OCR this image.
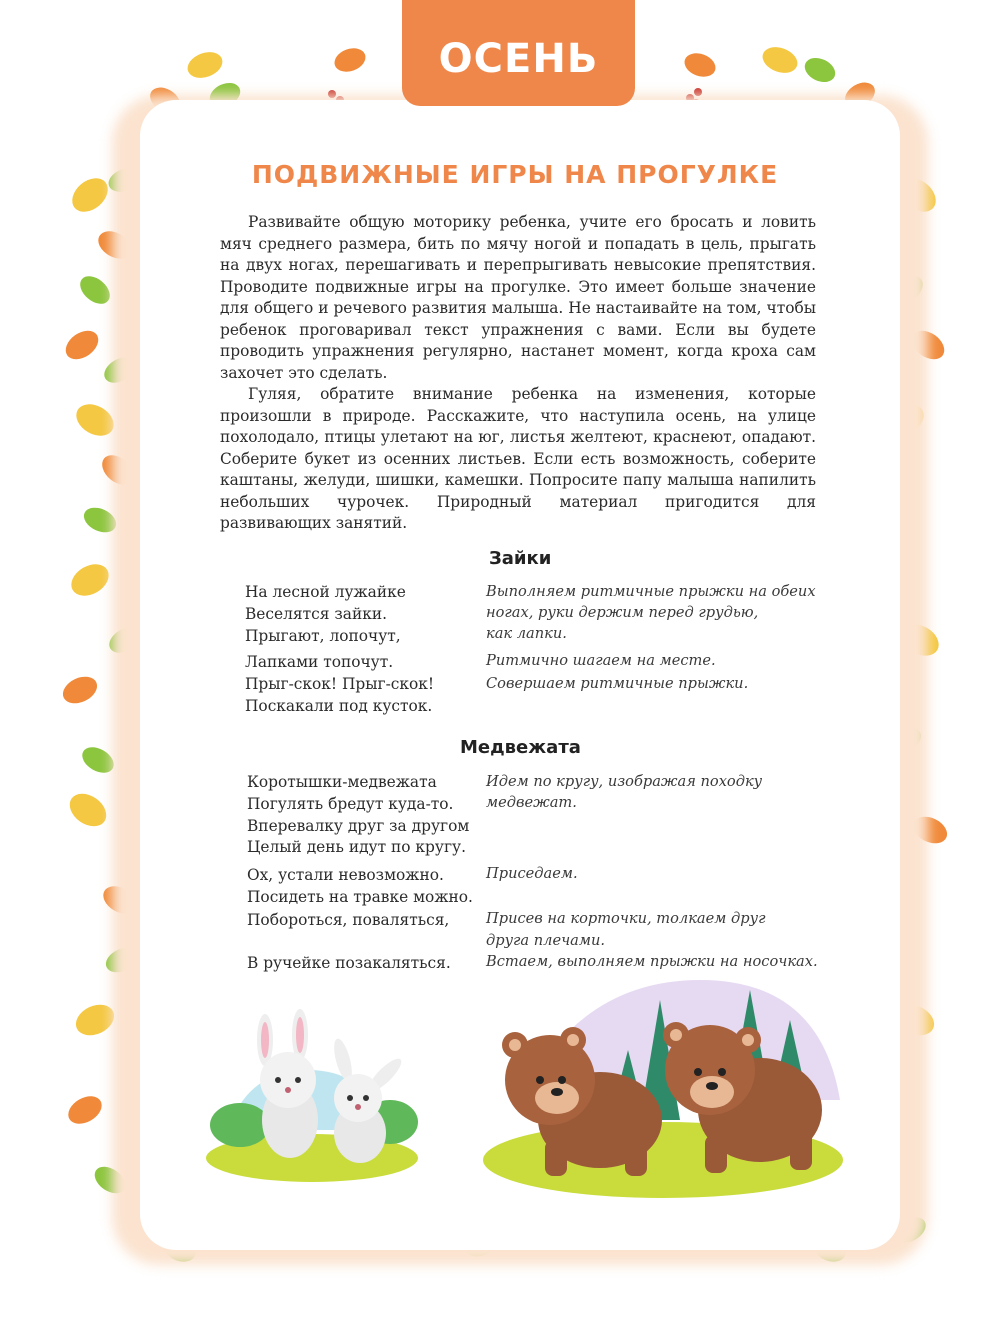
ОСЕНЬ
ПОДВИЖНЫЕ ИГРЫ НА ПРОГУЛКЕ

Развивайте общую моторику ребенка, учите его бросать и ловить мяч среднего размера, бить по мячу ногой и попадать в цель, прыгать на двух ногах, перешагивать и перепрыгивать невысокие препятствия. Проводите подвижные игры на прогулке. Это имеет больше значение для общего и речевого развития малыша. Не настаивайте на том, чтобы ребенок проговаривал текст упражнения с вами. Если вы будете проводить упражнения регулярно, настанет момент, когда кроха сам захочет это сделать.

Гуляя, обратите внимание ребенка на изменения, которые произошли в природе. Расскажите, что наступила осень, на улице похолодало, птицы улетают на юг, листья желтеют, краснеют, опадают. Соберите букет из осенних листьев. Если есть возможность, соберите каштаны, желуди, шишки, камешки. Попросите папу малыша напилить небольших чурочек. Природный материал пригодится для развивающих занятий.

Зайки
На лесной лужайке
Веселятся зайки.
Прыгают, лопочут,
Лапками топочут.
Прыг-скок! Прыг-скок!
Поскакали под кусток.
Выполняем ритмичные прыжки на обеих
ногах, руки держим перед грудью,
как лапки.
Ритмично шагаем на месте.
Совершаем ритмичные прыжки.
Медвежата
Коротышки-медвежата
Погулять бредут куда-то.
Вперевалку друг за другом
Целый день идут по кругу.
Ох, устали невозможно.
Посидеть на травке можно.
Побороться, поваляться,
В ручейке позакаляться.
Идем по кругу, изображая походку
медвежат.
Приседаем.
Присев на корточки, толкаем друг
друга плечами.
Встаем, выполняем прыжки на носочках.
